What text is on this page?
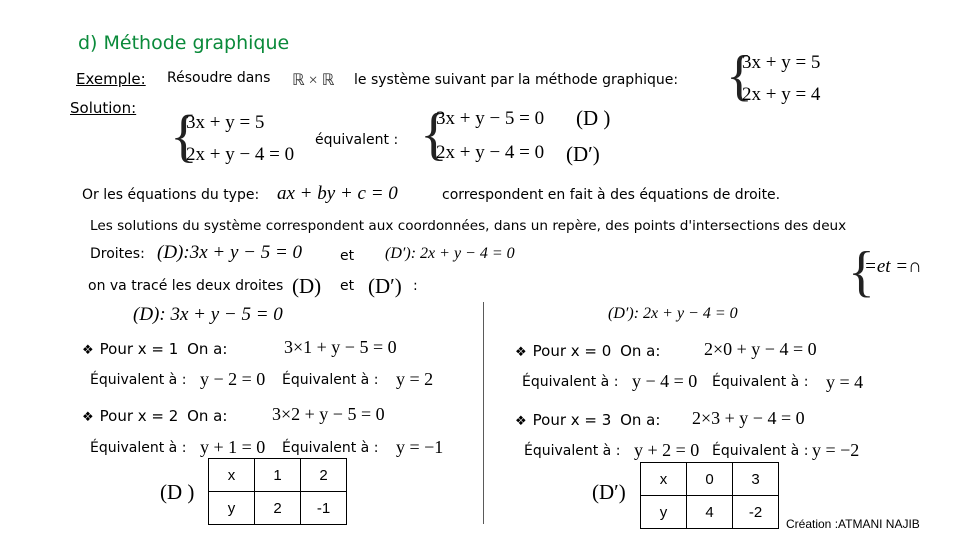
d) Méthode graphique
Exemple: Résoudre dans ℝ × ℝ le système suivant par la méthode graphique: {
3x + y = 5
2x + y = 4
Solution: {
3x + y = 5
2x + y − 4 = 0
équivalent : {
3x + y − 5 = 0
2x + y − 4 = 0
(D )
(D′)
Or les équations du type: ax + by + c = 0	correspondent en fait à des équations de droite.
Les solutions du système correspondent aux coordonnées, dans un repère, des points d'intersections des deux
Droites: (D):3x + y − 5 = 0	et (D′): 2x + y − 4 = 0	{
=et =∩
on va tracé les deux droites (D) et (D′) :
(D): 3x + y − 5 = 0	(D′): 2x + y − 4 = 0
❖ Pour x = 1 On a:	3×1 + y − 5 = 0
Équivalent à : y − 2 = 0 Équivalent à : y = 2
❖ Pour x = 2 On a: 3×2 + y − 5 = 0
Équivalent à : y + 1 = 0 Équivalent à : y = −1
❖ Pour x = 0 On a: 2×0 + y − 4 = 0
Équivalent à : y − 4 = 0 Équivalent à : y = 4
❖ Pour x = 3 On a: 2×3 + y − 4 = 0
Équivalent à : y + 2 = 0 Équivalent à : y = −2
(D )
x	1	2
y	2	-1
(D′)
x	0	3
y	4	-2
Création :ATMANI NAJIB
